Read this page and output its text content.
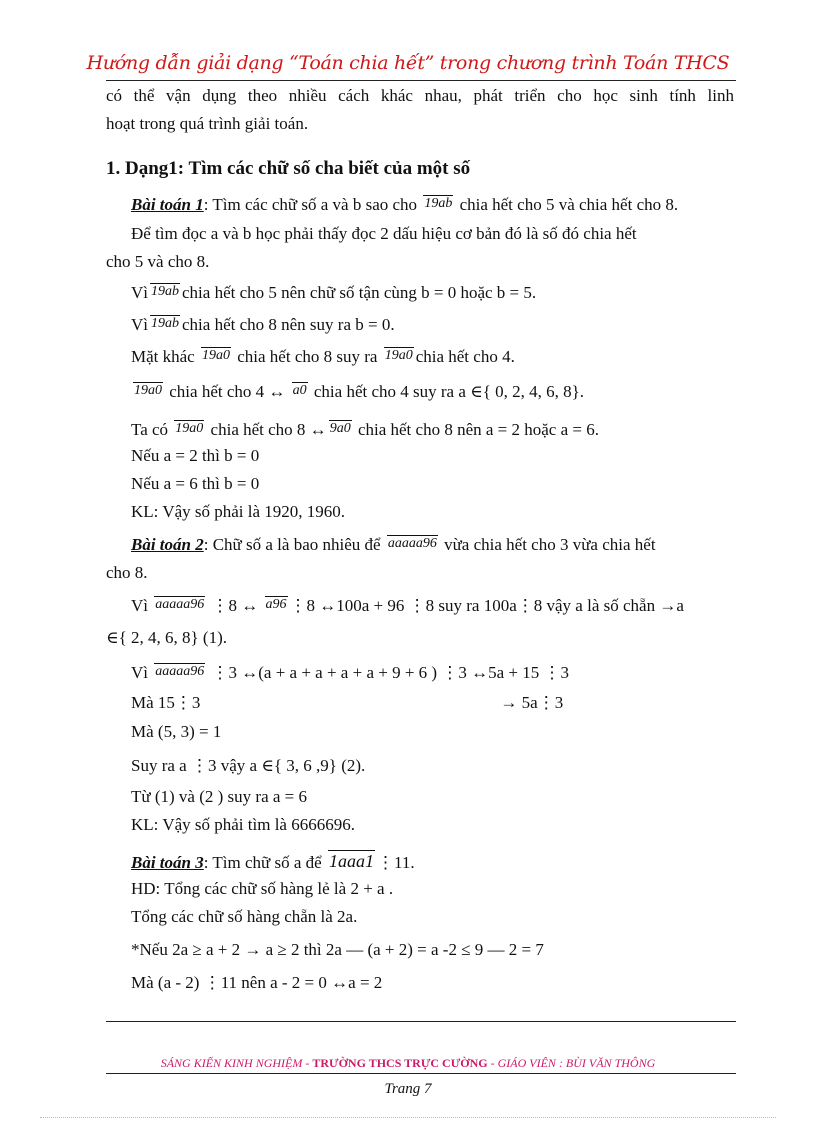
Hướng dẫn giải dạng “Toán chia hết” trong chương trình Toán THCS
có thể vận dụng theo nhiều cách khác nhau, phát triển cho học sinh tính linh
hoạt trong quá trình giải toán.
1. Dạng1: Tìm các chữ số cha biết của một số
Bài toán 1: Tìm các chữ số a và b sao cho 19ab chia hết cho 5 và chia hết cho 8.
Để tìm đọc a và b học phải thấy đọc 2 dấu hiệu cơ bản đó là số đó chia hết
cho 5 và cho 8.
Vì 19ab chia hết cho 5 nên chữ số tận cùng b = 0 hoặc b = 5.
Vì 19ab chia hết cho 8 nên suy ra b = 0.
Mặt khác 19a0 chia hết cho 8 suy ra 19a0 chia hết cho 4.
19a0 chia hết cho 4 ↔ a0 chia hết cho 4 suy ra a ∈{ 0, 2, 4, 6, 8}.
Ta có 19a0 chia hết cho 8 ↔ 9a0 chia hết cho 8 nên a = 2 hoặc a = 6.
Nếu a = 2 thì b = 0
Nếu a = 6 thì b = 0
KL: Vậy số phải là 1920, 1960.
Bài toán 2: Chữ số a là bao nhiêu để aaaaa96 vừa chia hết cho 3 vừa chia hết
cho 8.
Vì aaaaa96 ⋮8 ↔ a96 ⋮8 ↔100a + 96 ⋮8 suy ra 100a⋮8 vậy a là số chẵn →a
∈{ 2, 4, 6, 8} (1).
Vì aaaaa96 ⋮3 ↔(a + a + a + a + a + 9 + 6 ) ⋮3 ↔5a + 15 ⋮3
Mà 15⋮3	→ 5a⋮3
Mà (5, 3) = 1
Suy ra a ⋮3 vậy a ∈{ 3, 6 ,9} (2).
Từ (1) và (2 ) suy ra a = 6
KL: Vậy số phải tìm là 6666696.
Bài toán 3: Tìm chữ số a để 1aaa1 ⋮11.
HD: Tổng các chữ số hàng lẻ là 2 + a .
Tổng các chữ số hàng chẵn là 2a.
*Nếu 2a ≥ a + 2 → a ≥ 2 thì 2a — (a + 2) = a -2 ≤ 9 — 2 = 7
Mà (a - 2) ⋮11 nên a - 2 = 0 ↔a = 2
SÁNG KIẾN KINH NGHIỆM - TRƯỜNG THCS TRỰC CƯỜNG - GIÁO VIÊN : BÙI VĂN THÔNG
Trang 7
